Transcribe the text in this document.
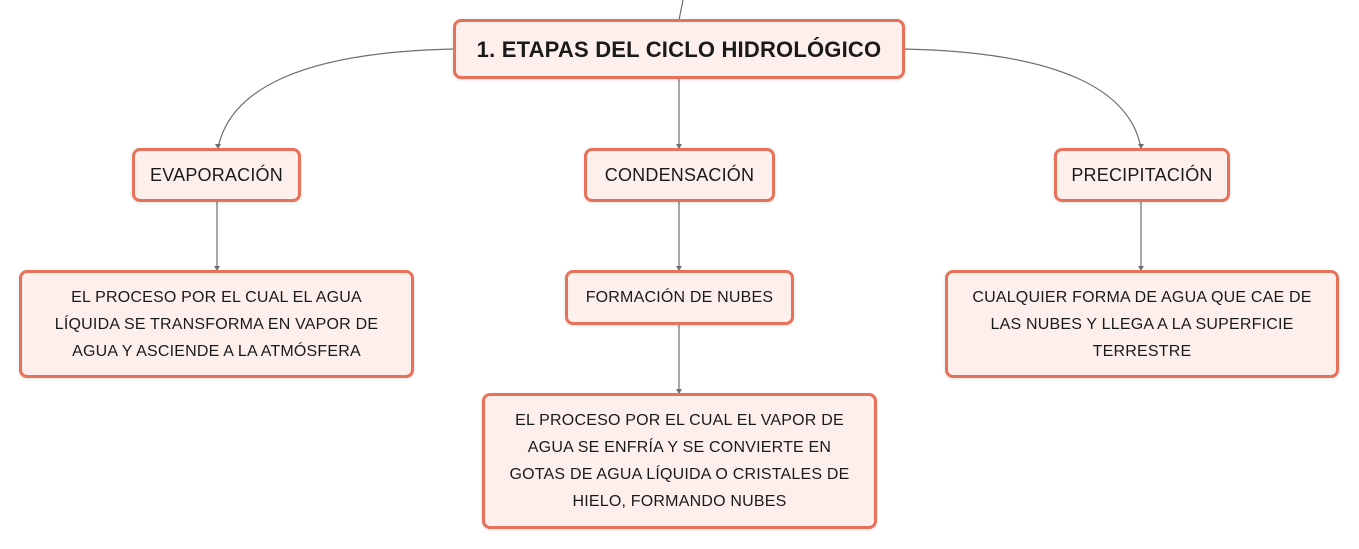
1. ETAPAS DEL CICLO HIDROLÓGICO
EVAPORACIÓN	CONDENSACIÓN	PRECIPITACIÓN
EL PROCESO POR EL CUAL EL AGUA LÍQUIDA SE TRANSFORMA EN VAPOR DE AGUA Y ASCIENDE A LA ATMÓSFERA
FORMACIÓN DE NUBES
EL PROCESO POR EL CUAL EL VAPOR DE AGUA SE ENFRÍA Y SE CONVIERTE EN GOTAS DE AGUA LÍQUIDA O CRISTALES DE HIELO, FORMANDO NUBES
CUALQUIER FORMA DE AGUA QUE CAE DE LAS NUBES Y LLEGA A LA SUPERFICIE TERRESTRE
